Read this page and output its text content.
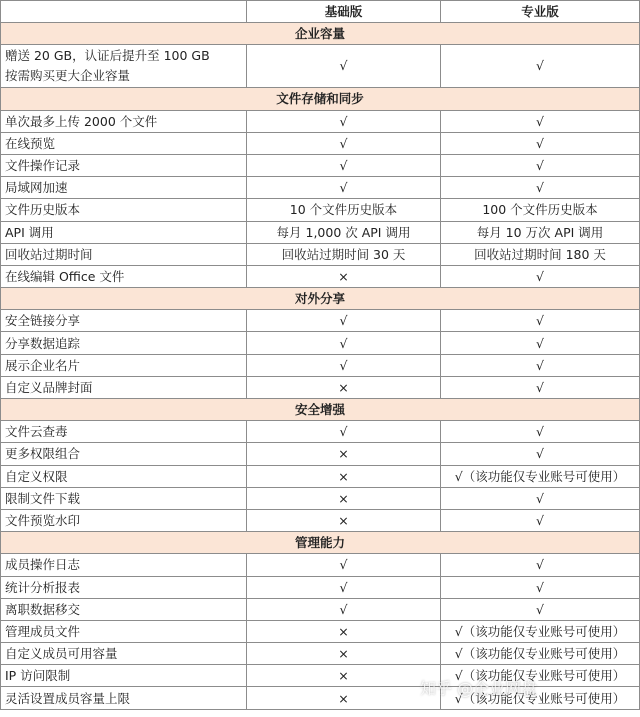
	基础版	专业版
企业容量		
赠送 20 GB，认证后提升至 100 GB
按需购买更大企业容量	√	√
文件存储和同步		
单次最多上传 2000 个文件	√	√
在线预览	√	√
文件操作记录	√	√
局域网加速	√	√
文件历史版本	10 个文件历史版本	100 个文件历史版本
API 调用	每月 1,000 次 API 调用	每月 10 万次 API 调用
回收站过期时间	回收站过期时间 30 天	回收站过期时间 180 天
在线编辑 Office 文件	×	√
对外分享		
安全链接分享	√	√
分享数据追踪	√	√
展示企业名片	√	√
自定义品牌封面	×	√
安全增强		
文件云查毒	√	√
更多权限组合	×	√
自定义权限	×	√（该功能仅专业账号可使用）
限制文件下载	×	√
文件预览水印	×	√
管理能力		
成员操作日志	√	√
统计分析报表	√	√
离职数据移交	√	√
管理成员文件	×	√（该功能仅专业账号可使用）
自定义成员可用容量	×	√（该功能仅专业账号可使用）
IP 访问限制	×	√（该功能仅专业账号可使用）
灵活设置成员容量上限	×	√（该功能仅专业账号可使用）
知乎 @企业网盘
